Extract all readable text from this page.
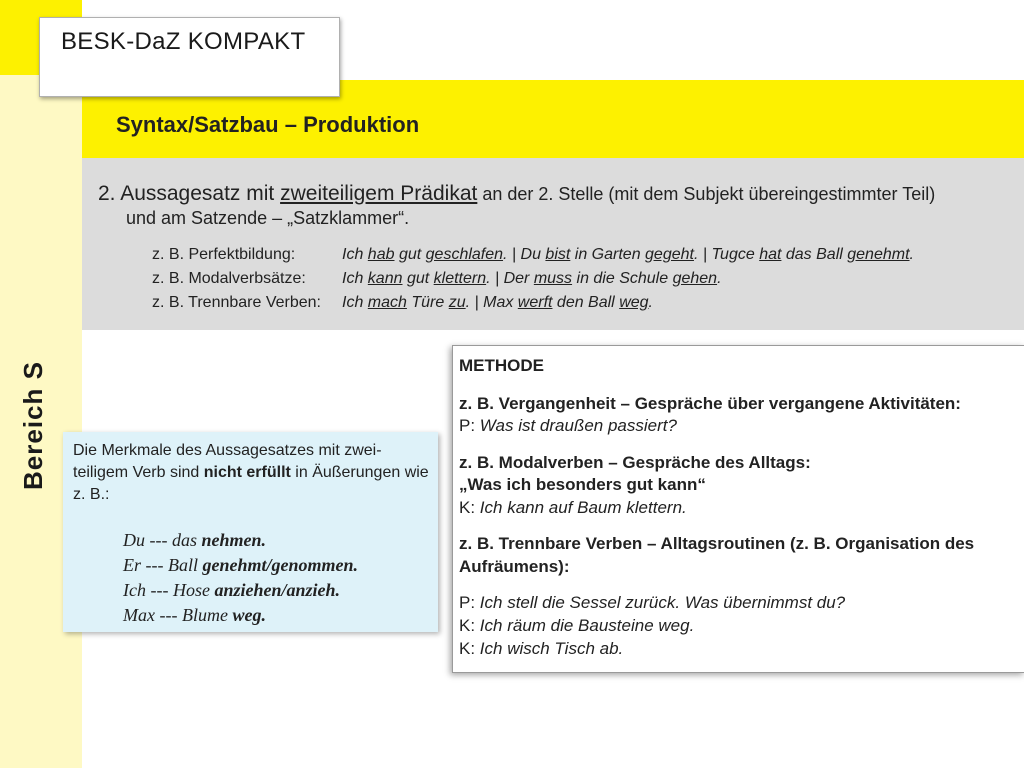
Bereich S
Syntax/Satzbau – Produktion
BESK-DaZ KOMPAKT
2. Aussagesatz mit zweiteiligem Prädikat an der 2. Stelle (mit dem Subjekt übereingestimmter Teil)
und am Satzende – „Satzklammer“.
z. B. Perfektbildung:	Ich hab gut geschlafen. | Du bist in Garten gegeht. | Tugce hat das Ball genehmt.
z. B. Modalverbsätze: Ich kann gut klettern. | Der muss in die Schule gehen.
z. B. Trennbare Verben: Ich mach Türe zu. | Max werft den Ball weg.
Die Merkmale des Aussagesatzes mit zwei-teiligem Verb sind nicht erfüllt in Äußerungen wie z. B.:
Du --- das nehmen.
Er --- Ball genehmt/genommen.
Ich --- Hose anziehen/anzieh.
Max --- Blume weg.
METHODE
z. B. Vergangenheit – Gespräche über vergangene Aktivitäten:
z. B. Modalverben – Gespräche des Alltags:
„Was ich besonders gut kann“
z. B. Trennbare Verben – Alltagsroutinen (z. B. Organisation des
Aufräumens):
P: Was ist draußen passiert?
K: Ich kann auf Baum klettern.
P: Ich stell die Sessel zurück. Was übernimmst du?
K: Ich räum die Bausteine weg.
K: Ich wisch Tisch ab.
